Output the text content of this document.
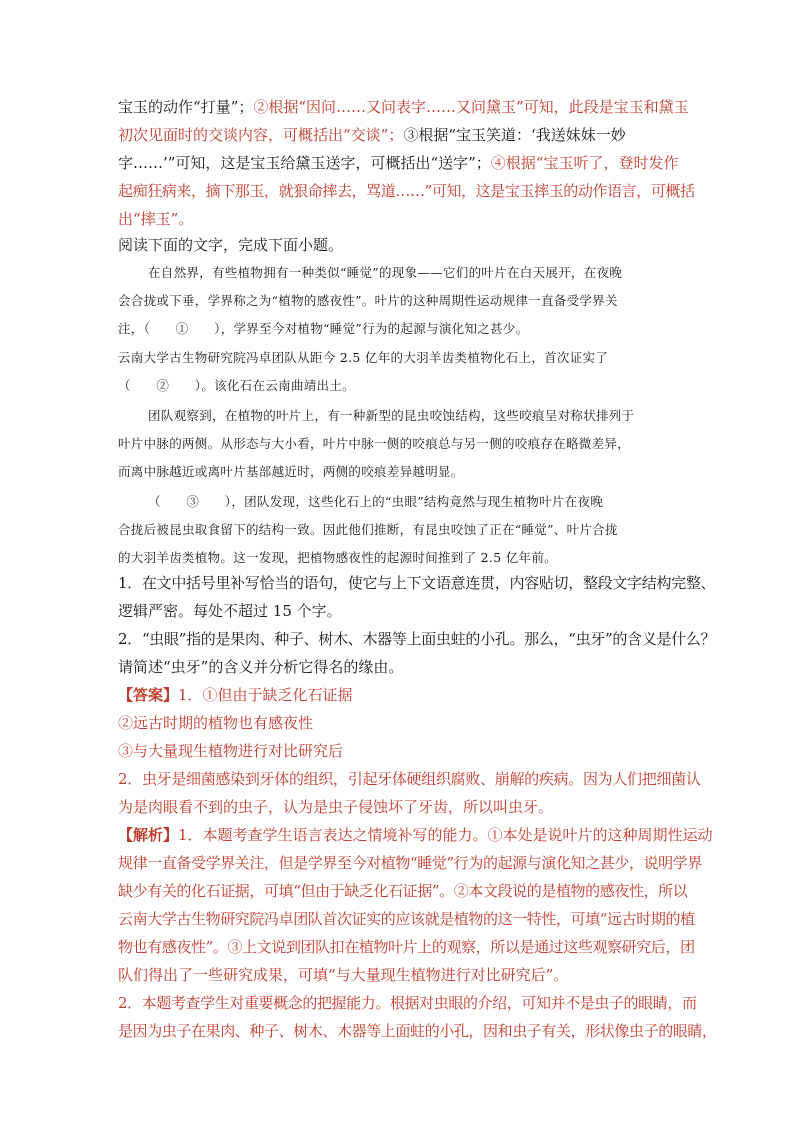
宝玉的动作“打量”；②根据“因问……又问表字……又问黛玉”可知，此段是宝玉和黛玉
初次见面时的交谈内容，可概括出“交谈”；③根据“宝玉笑道：‘我送妹妹一妙
字……’”可知，这是宝玉给黛玉送字，可概括出“送字”；④根据“宝玉听了，登时发作
起痴狂病来，摘下那玉，就狠命摔去，骂道……”可知，这是宝玉摔玉的动作语言，可概括
出“摔玉”。
阅读下面的文字，完成下面小题。
在自然界，有些植物拥有一种类似“睡觉”的现象——它们的叶片在白天展开，在夜晚
会合拢或下垂，学界称之为“植物的感夜性”。叶片的这种周期性运动规律一直备受学界关
注，（　　①　　），学界至今对植物“睡觉”行为的起源与演化知之甚少。
云南大学古生物研究院冯卓团队从距今 2.5 亿年的大羽羊齿类植物化石上，首次证实了
（　　②　　）。该化石在云南曲靖出土。
团队观察到，在植物的叶片上，有一种新型的昆虫咬蚀结构，这些咬痕呈对称状排列于
叶片中脉的两侧。从形态与大小看，叶片中脉一侧的咬痕总与另一侧的咬痕存在略微差异，
而离中脉越近或离叶片基部越近时，两侧的咬痕差异越明显。
（　　③　　），团队发现，这些化石上的“虫眼”结构竟然与现生植物叶片在夜晚
合拢后被昆虫取食留下的结构一致。因此他们推断，有昆虫咬蚀了正在“睡觉”、叶片合拢
的大羽羊齿类植物。这一发现，把植物感夜性的起源时间推到了 2.5 亿年前。
1．在文中括号里补写恰当的语句，使它与上下文语意连贯，内容贴切，整段文字结构完整、
逻辑严密。每处不超过 15 个字。
2．“虫眼”指的是果肉、种子、树木、木器等上面虫蛀的小孔。那么，“虫牙”的含义是什么？
请简述“虫牙”的含义并分析它得名的缘由。
【答案】1．①但由于缺乏化石证据
②远古时期的植物也有感夜性
③与大量现生植物进行对比研究后
2．虫牙是细菌感染到牙体的组织，引起牙体硬组织腐败、崩解的疾病。因为人们把细菌认
为是肉眼看不到的虫子，认为是虫子侵蚀坏了牙齿，所以叫虫牙。
【解析】1．本题考查学生语言表达之情境补写的能力。①本处是说叶片的这种周期性运动
规律一直备受学界关注，但是学界至今对植物“睡觉”行为的起源与演化知之甚少，说明学界
缺少有关的化石证据，可填“但由于缺乏化石证据”。②本文段说的是植物的感夜性，所以
云南大学古生物研究院冯卓团队首次证实的应该就是植物的这一特性，可填“远古时期的植
物也有感夜性”。③上文说到团队扣在植物叶片上的观察，所以是通过这些观察研究后，团
队们得出了一些研究成果，可填“与大量现生植物进行对比研究后”。
2．本题考查学生对重要概念的把握能力。根据对虫眼的介绍，可知并不是虫子的眼睛，而
是因为虫子在果肉、种子、树木、木器等上面蛀的小孔，因和虫子有关，形状像虫子的眼睛，
